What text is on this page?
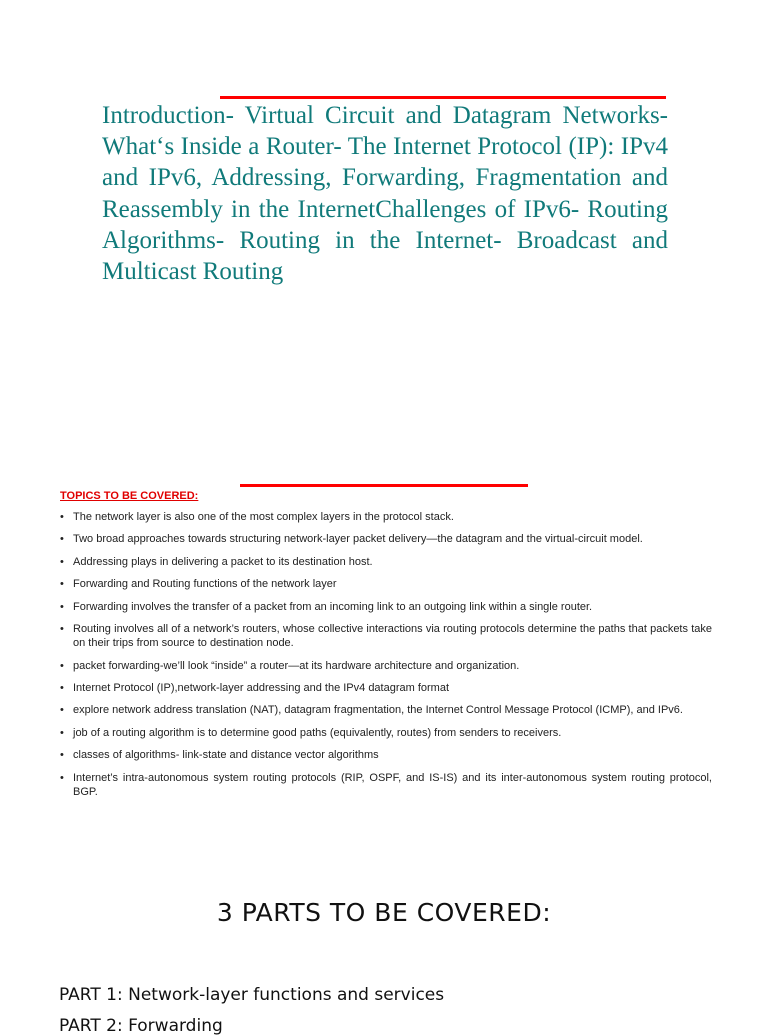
Introduction- Virtual Circuit and Datagram Networks- What‘s Inside a Router- The Internet Protocol (IP): IPv4 and IPv6, Addressing, Forwarding, Fragmentation and Reassembly in the InternetChallenges of IPv6- Routing Algorithms- Routing in the Internet- Broadcast and Multicast Routing

TOPICS TO BE COVERED:
• The network layer is also one of the most complex layers in the protocol stack.
• Two broad approaches towards structuring network-layer packet delivery—the datagram and the virtual-circuit model.
• Addressing plays in delivering a packet to its destination host.
• Forwarding and Routing functions of the network layer
• Forwarding involves the transfer of a packet from an incoming link to an outgoing link within a single router.
• Routing involves all of a network’s routers, whose collective interactions via routing protocols determine the paths that packets take on their trips from source to destination node.
• packet forwarding-we’ll look “inside” a router—at its hardware architecture and organization.
• Internet Protocol (IP),network-layer addressing and the IPv4 datagram format
• explore network address translation (NAT), datagram fragmentation, the Internet Control Message Protocol (ICMP), and IPv6.
• job of a routing algorithm is to determine good paths (equivalently, routes) from senders to receivers.
• classes of algorithms- link-state and distance vector algorithms
• Internet’s intra-autonomous system routing protocols (RIP, OSPF, and IS-IS) and its inter-autonomous system routing protocol, BGP.
3 PARTS TO BE COVERED:

PART 1: Network-layer functions and services

PART 2: Forwarding
